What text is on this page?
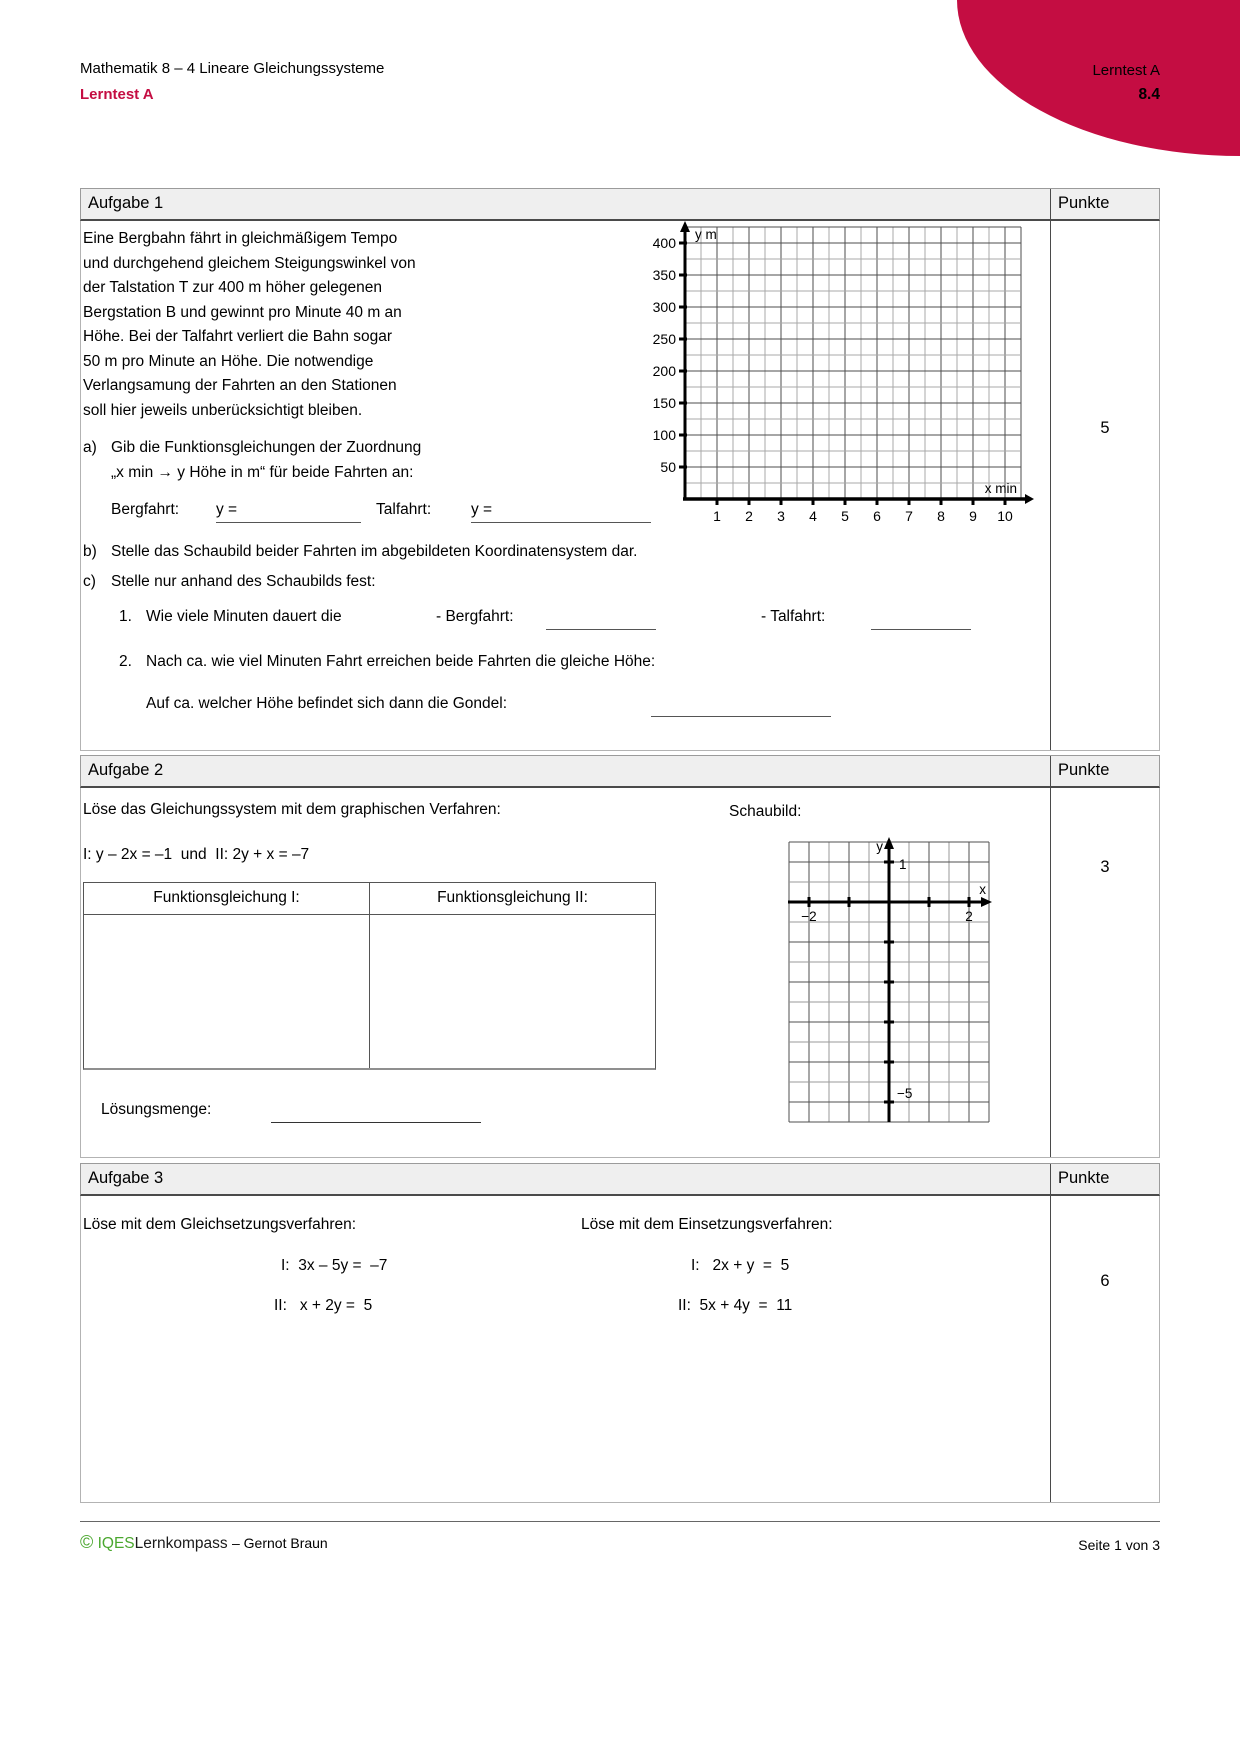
Mathematik 8 – 4 Lineare Gleichungssysteme
Lerntest A
Lerntest A
8.4
Aufgabe 1	Punkte
5
Eine Bergbahn fährt in gleichmäßigem Tempo
und durchgehend gleichem Steigungswinkel von
der Talstation T zur 400 m höher gelegenen
Bergstation B und gewinnt pro Minute 40 m an
Höhe. Bei der Talfahrt verliert die Bahn sogar
50 m pro Minute an Höhe. Die notwendige
Verlangsamung der Fahrten an den Stationen
soll hier jeweils unberücksichtigt bleiben.
a) Gib die Funktionsgleichungen der Zuordnung
„x min → y Höhe in m“ für beide Fahrten an:
Bergfahrt: y =	Talfahrt:	y =
b) Stelle das Schaubild beider Fahrten im abgebildeten Koordinatensystem dar.
c) Stelle nur anhand des Schaubilds fest:
1. Wie viele Minuten dauert die	- Bergfahrt:	- Talfahrt:
2. Nach ca. wie viel Minuten Fahrt erreichen beide Fahrten die gleiche Höhe:
Auf ca. welcher Höhe befindet sich dann die Gondel:
400
350
300
250
200
150
100
50
1 2 3 4 5 6 7 8 9 10
y m
x min
Aufgabe 2	Punkte
3
Löse das Gleichungssystem mit dem graphischen Verfahren:	Schaubild:
I: y – 2x = –1  und  II: 2y + x = –7
Funktionsgleichung I:	Funktionsgleichung II:
Lösungsmenge:
y
1
x
−2	2
−5
Aufgabe 3	Punkte
6
Löse mit dem Gleichsetzungsverfahren:	Löse mit dem Einsetzungsverfahren:
I:  3x – 5y =  –7
II:   x + 2y =  5
I:   2x + y  =  5
II:  5x + 4y  =  11
© IQESLernkompass – Gernot Braun	Seite 1 von 3
